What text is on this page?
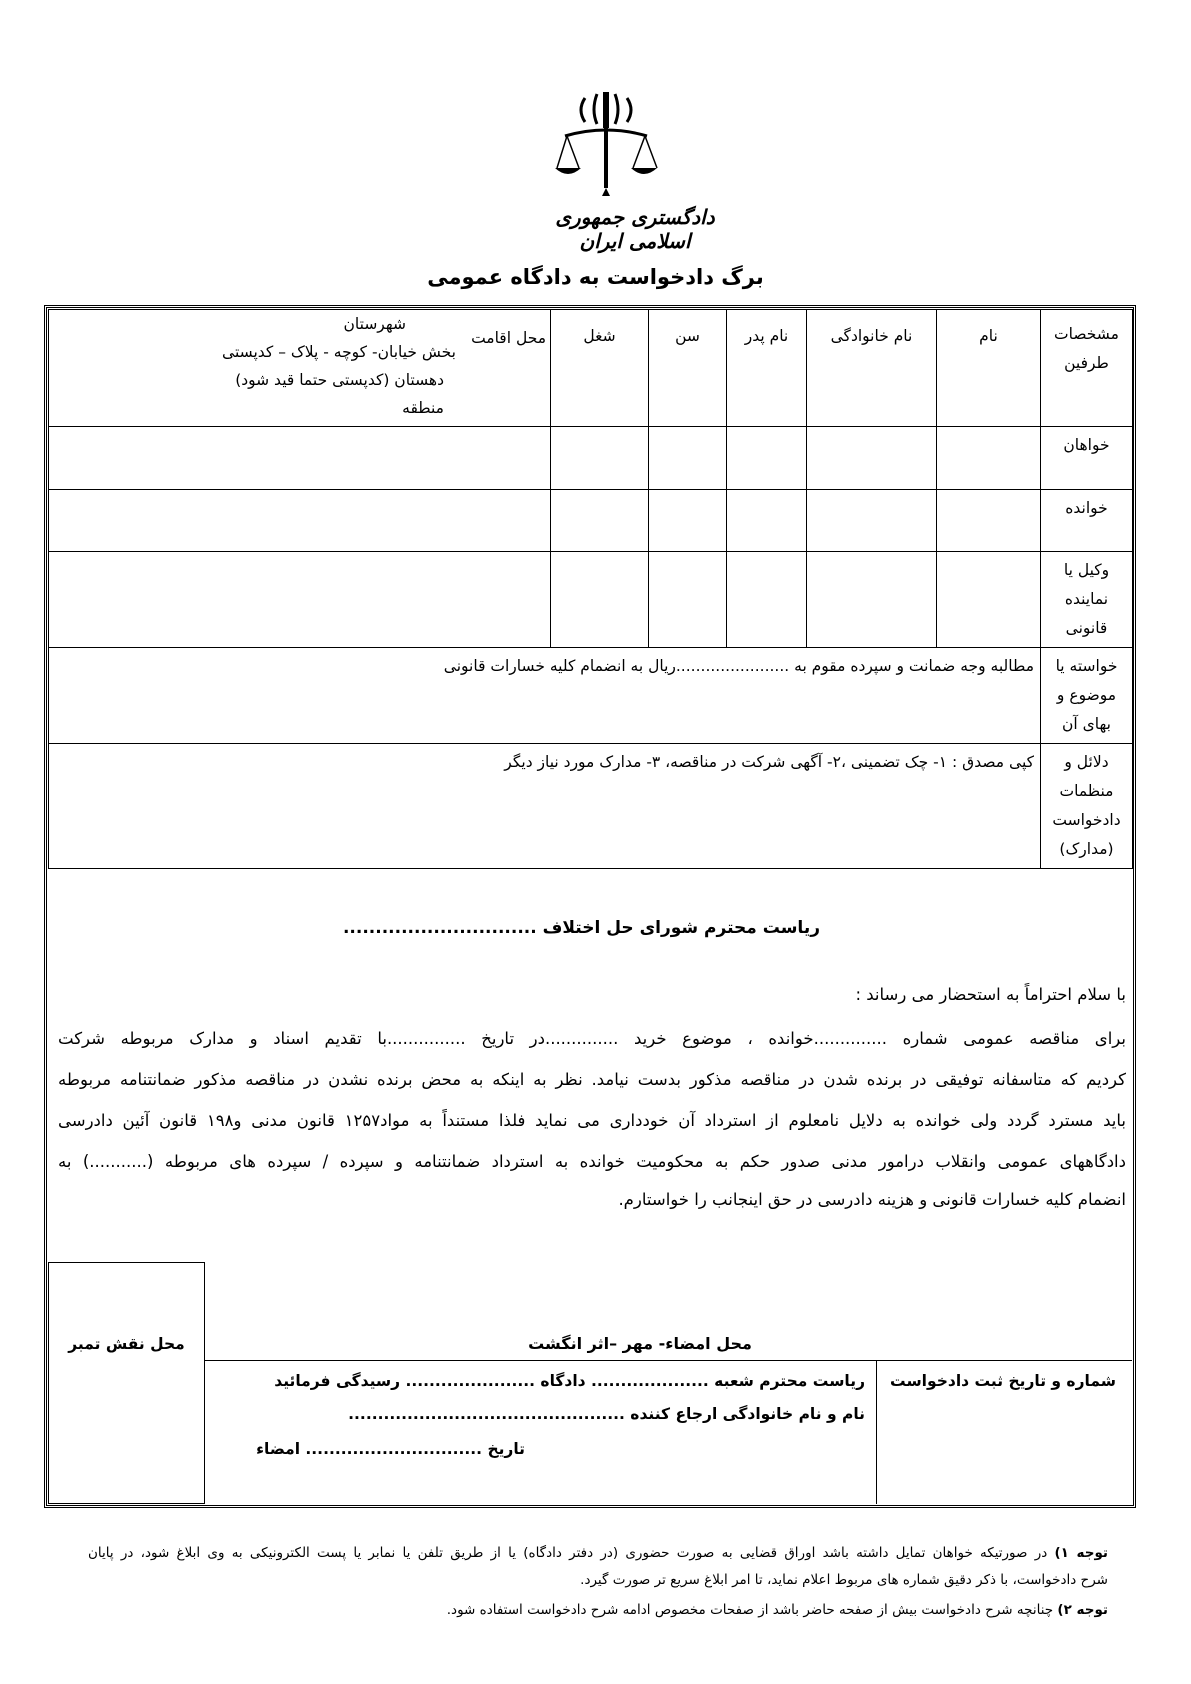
دادگستری جمهوری اسلامی ایران
برگ دادخواست به دادگاه عمومی
مشخصات طرفین	نام	نام خانوادگی	نام پدر	سن	شغل	محل اقامت
شهرستان
بخش خیابان- کوچه - پلاک – کدپستی
دهستان (کدپستی حتما قید شود)
منطقه

خواهان						
خوانده						
وکیل یا نماینده قانونی						
خواسته یا موضوع و بهای آن	مطالبه وجه ضمانت و سپرده مقوم به .......................ریال به انضمام کلیه خسارات قانونی					
دلائل و منظمات دادخواست (مدارک)	کپی مصدق : ۱- چک تضمینی ،۲- آگهی شرکت در مناقصه، ۳- مدارک مورد نیاز دیگر					
ریاست محترم شورای حل اختلاف ..............................
با سلام احتراماً به استحضار می رساند :
برای مناقصه عمومی شماره ..............خوانده ، موضوع خرید ..............در تاریخ ...............با تقدیم اسناد و مدارک مربوطه شرکت
کردیم که متاسفانه توفیقی در برنده شدن در مناقصه مذکور بدست نیامد. نظر به اینکه به محض برنده نشدن در مناقصه مذکور ضمانتنامه مربوطه
باید مسترد گردد ولی خوانده به دلایل نامعلوم از استرداد آن خودداری می نماید فلذا مستنداً به مواد۱۲۵۷ قانون مدنی و۱۹۸ قانون آئین دادرسی
دادگاههای عمومی وانقلاب درامور مدنی صدور حکم به محکومیت خوانده به استرداد ضمانتنامه و سپرده / سپرده های مربوطه (...........) به
انضمام کلیه خسارات قانونی و هزینه دادرسی در حق اینجانب را خواستارم.
محل نقش تمبر	محل امضاء- مهر –اثر انگشت
شماره و تاریخ ثبت دادخواست
ریاست محترم شعبه .................... دادگاه ...................... رسیدگی فرمائید
نام و نام خانوادگی ارجاع کننده ...............................................
تاریخ .............................. امضاء
توجه ۱) در صورتیکه خواهان تمایل داشته باشد اوراق قضایی به صورت حضوری (در دفتر دادگاه) یا از طریق تلفن یا نمابر یا پست الکترونیکی به وی ابلاغ شود، در پایان
شرح دادخواست، با ذکر دقیق شماره های مربوط اعلام نماید، تا امر ابلاغ سریع تر صورت گیرد.
توجه ۲) چنانچه شرح دادخواست بیش از صفحه حاضر باشد از صفحات مخصوص ادامه شرح دادخواست استفاده شود.
